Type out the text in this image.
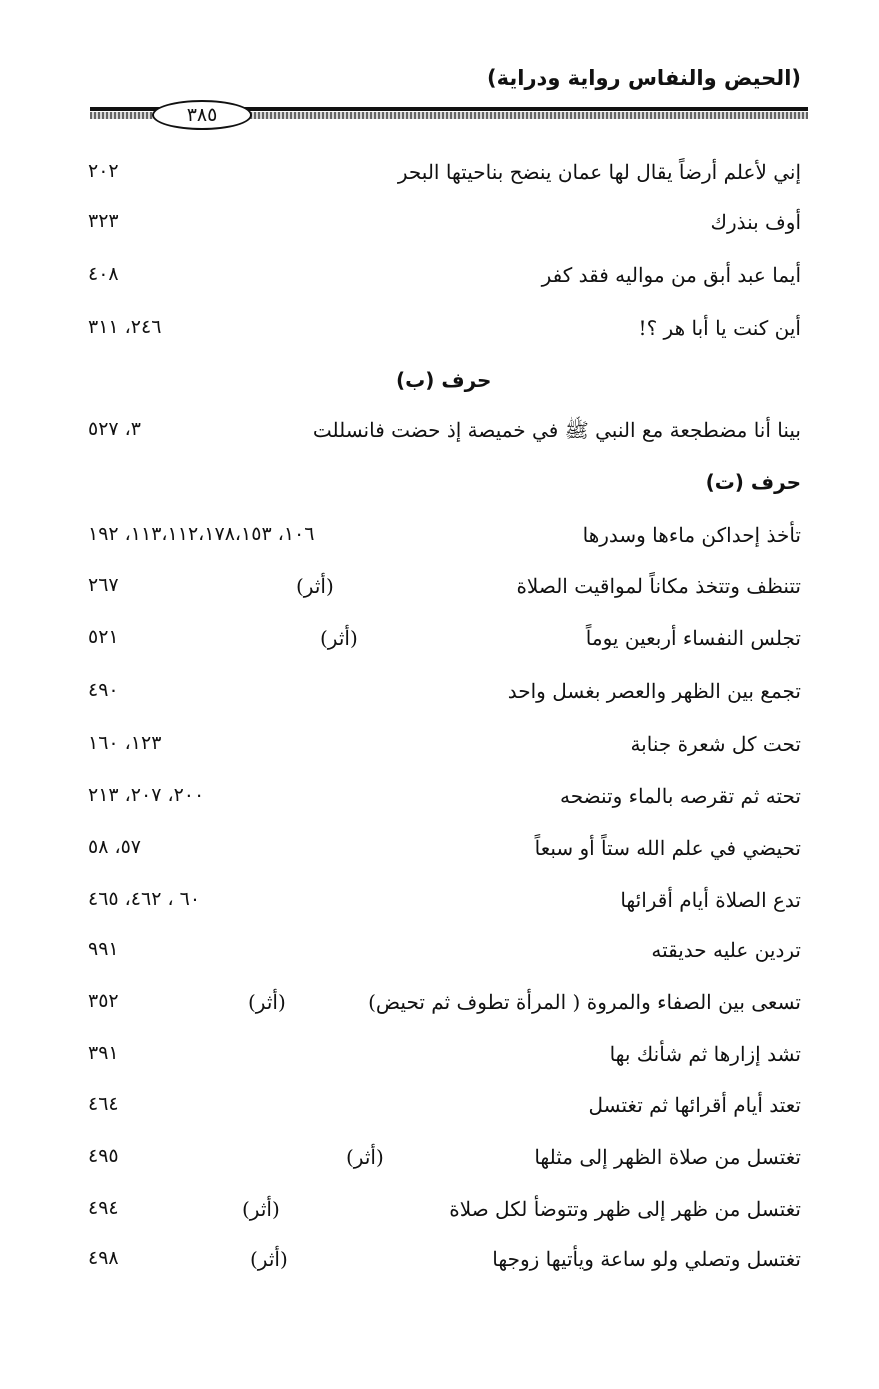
(الحيض والنفاس رواية ودراية)
٣٨٥
إني لأعلم أرضاً يقال لها عمان ينضح بناحيتها البحر
٢٠٢
أوف بنذرك
٣٢٣
أيما عبد أبق من مواليه فقد كفر
٤٠٨
أين كنت يا أبا هر ؟!
٢٤٦، ٣١١
حرف (ب)
بينا أنا مضطجعة مع النبي ﷺ في خميصة إذ حضت فانسللت
٣، ٥٢٧
حرف (ت)
تأخذ إحداكن ماءها وسدرها
١٠٦، ١١٣،١١٢،١٧٨،١٥٣، ١٩٢
تتنظف وتتخذ مكاناً لمواقيت الصلاة
(أثر)
٢٦٧
تجلس النفساء أربعين يوماً
(أثر)
٥٢١
تجمع بين الظهر والعصر بغسل واحد
٤٩٠
تحت كل شعرة جنابة
١٢٣، ١٦٠
تحته ثم تقرصه بالماء وتنضحه
٢٠٠، ٢٠٧، ٢١٣
تحيضي في علم الله ستاً أو سبعاً
٥٧، ٥٨
تدع الصلاة أيام أقرائها
٦٠ ، ٤٦٢، ٤٦٥
تردين عليه حديقته
٩٩١
تسعى بين الصفاء والمروة ( المرأة تطوف ثم تحيض)
(أثر)
٣٥٢
تشد إزارها ثم شأنك بها
٣٩١
تعتد أيام أقرائها ثم تغتسل
٤٦٤
تغتسل من صلاة الظهر إلى مثلها
(أثر)
٤٩٥
تغتسل من ظهر إلى ظهر وتتوضأ لكل صلاة
(أثر)
٤٩٤
تغتسل وتصلي ولو ساعة ويأتيها زوجها
(أثر)
٤٩٨
